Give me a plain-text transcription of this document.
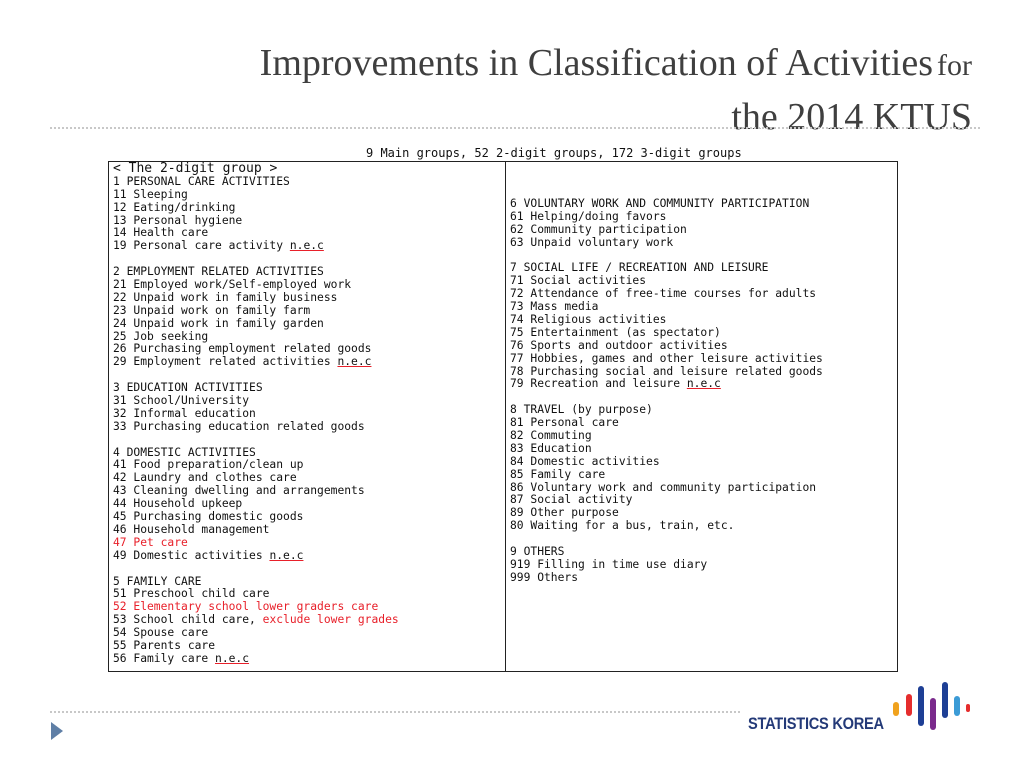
Improvements in Classification of Activities for
the 2014 KTUS
9 Main groups, 52 2-digit groups, 172 3-digit groups
< The 2-digit group >
1 PERSONAL CARE ACTIVITIES
11 Sleeping
12 Eating/drinking
13 Personal hygiene
14 Health care
19 Personal care activity n.e.c
2 EMPLOYMENT RELATED ACTIVITIES
21 Employed work/Self-employed work
22 Unpaid work in family business
23 Unpaid work on family farm
24 Unpaid work in family garden
25 Job seeking
26 Purchasing employment related goods
29 Employment related activities n.e.c
3 EDUCATION ACTIVITIES
31 School/University
32 Informal education
33 Purchasing education related goods
4 DOMESTIC ACTIVITIES
41 Food preparation/clean up
42 Laundry and clothes care
43 Cleaning dwelling and arrangements
44 Household upkeep
45 Purchasing domestic goods
46 Household management
47 Pet care
49 Domestic activities n.e.c
5 FAMILY CARE
51 Preschool child care
52 Elementary school lower graders care
53 School child care, exclude lower grades
54 Spouse care
55 Parents care
56 Family care n.e.c
6 VOLUNTARY WORK AND COMMUNITY PARTICIPATION
61 Helping/doing favors
62 Community participation
63 Unpaid voluntary work
7 SOCIAL LIFE / RECREATION AND LEISURE
71 Social activities
72 Attendance of free-time courses for adults
73 Mass media
74 Religious activities
75 Entertainment (as spectator)
76 Sports and outdoor activities
77 Hobbies, games and other leisure activities
78 Purchasing social and leisure related goods
79 Recreation and leisure n.e.c
8 TRAVEL (by purpose)
81 Personal care
82 Commuting
83 Education
84 Domestic activities
85 Family care
86 Voluntary work and community participation
87 Social activity
89 Other purpose
80 Waiting for a bus, train, etc.
9 OTHERS
919 Filling in time use diary
999 Others
STATISTICS KOREA
